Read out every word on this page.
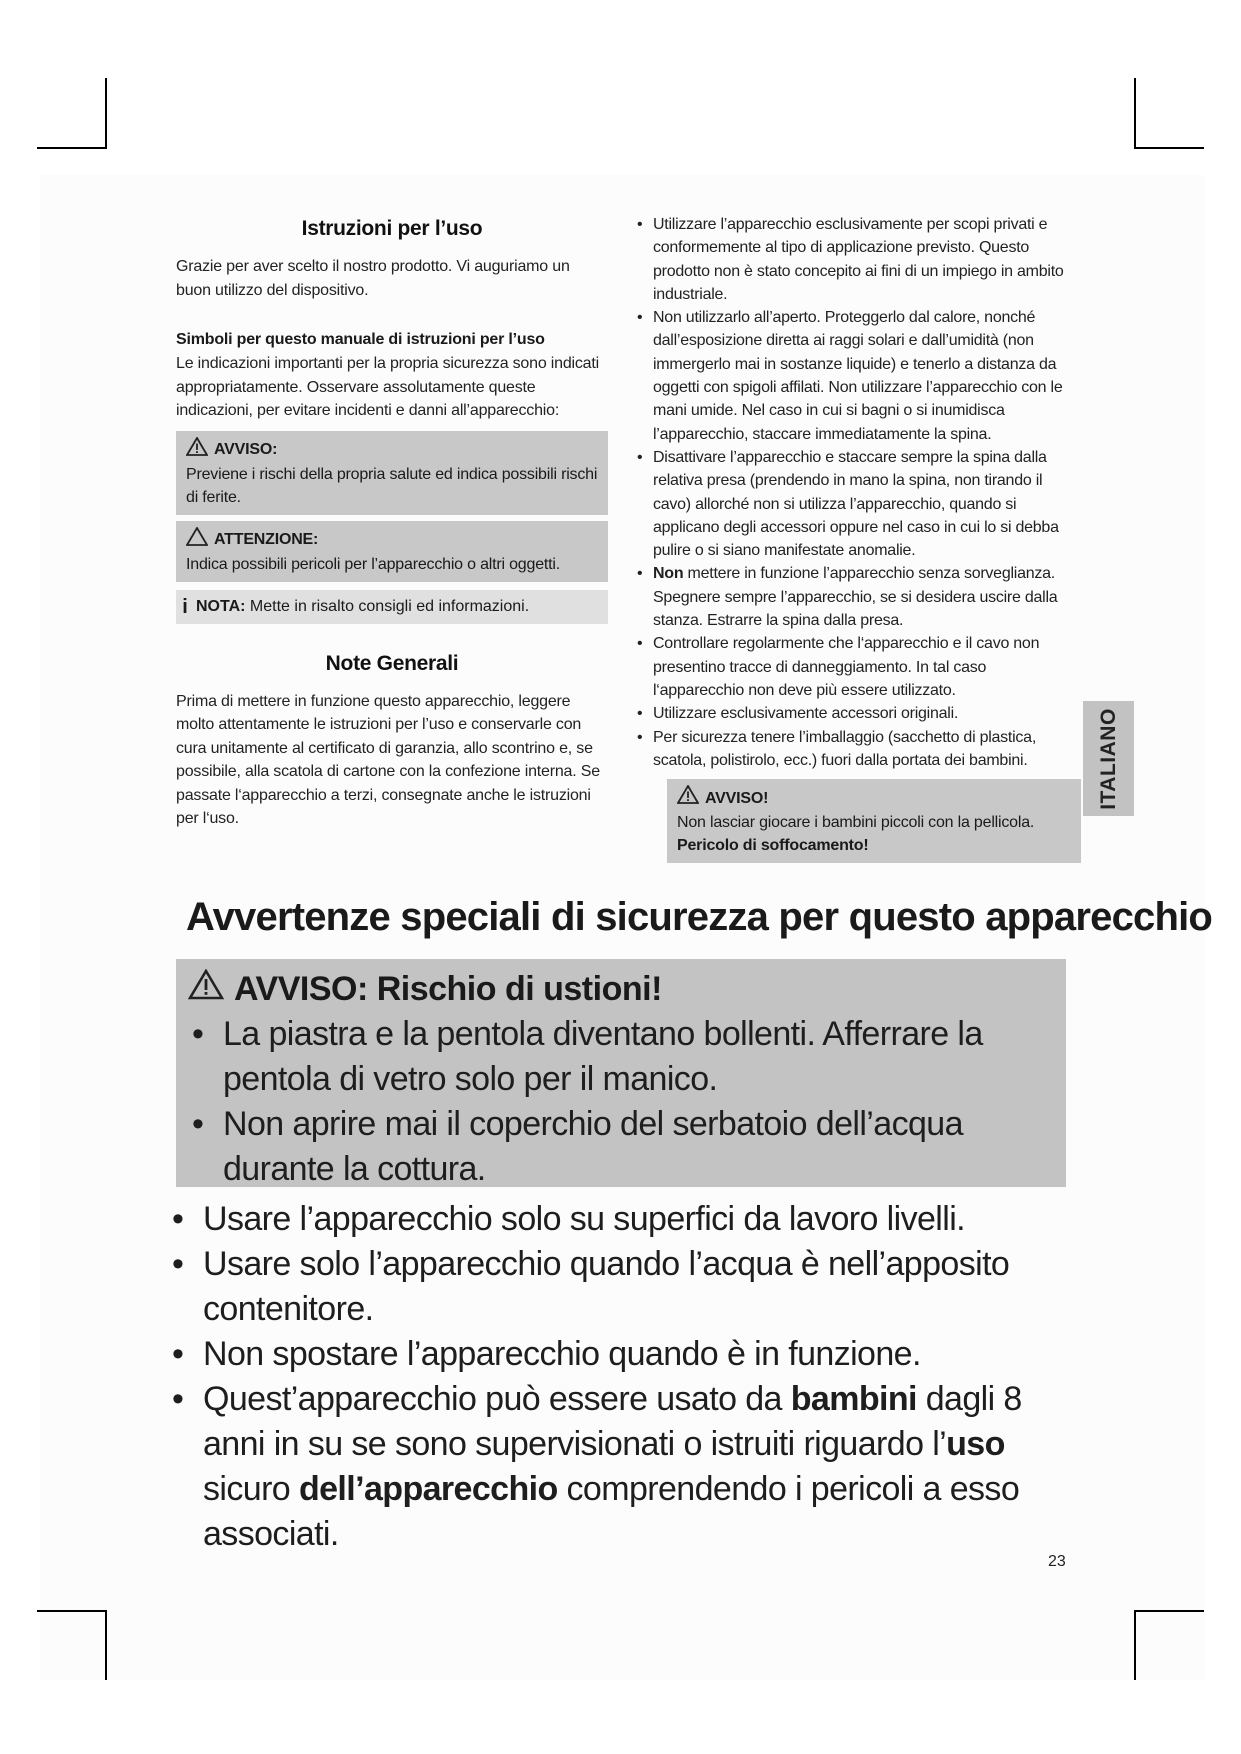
Istruzioni per l’uso

Grazie per aver scelto il nostro prodotto. Vi auguriamo un buon utilizzo del dispositivo.

Simboli per questo manuale di istruzioni per l’uso

Le indicazioni importanti per la propria sicurezza sono indicati appropriatamente. Osservare assolutamente queste indicazioni, per evitare incidenti e danni all’apparecchio:

AVVISO:
Previene i rischi della propria salute ed indica possibili rischi di ferite.
ATTENZIONE:
Indica possibili pericoli per l’apparecchio o altri oggetti.
i NOTA:
Mette in risalto consigli ed informazioni.
Note Generali

Prima di mettere in funzione questo apparecchio, leggere molto attentamente le istruzioni per l’uso e conservarle con cura unitamente al certificato di garanzia, allo scontrino e, se possibile, alla scatola di cartone con la confezione interna. Se passate l‘apparecchio a terzi, consegnate anche le istruzioni per l‘uso.

• Utilizzare l’apparecchio esclusivamente per scopi privati e conformemente al tipo di applicazione previsto. Questo prodotto non è stato concepito ai fini di un impiego in ambito industriale.
• Non utilizzarlo all’aperto. Proteggerlo dal calore, nonché dall’esposizione diretta ai raggi solari e dall’umidità (non immergerlo mai in sostanze liquide) e tenerlo a distanza da oggetti con spigoli affilati. Non utilizzare l’apparecchio con le mani umide. Nel caso in cui si bagni o si inumidisca l’apparecchio, staccare immediatamente la spina.
• Disattivare l’apparecchio e staccare sempre la spina dalla relativa presa (prendendo in mano la spina, non tirando il cavo) allorché non si utilizza l’apparecchio, quando si applicano degli accessori oppure nel caso in cui lo si debba pulire o si siano manifestate anomalie.
• Non mettere in funzione l’apparecchio senza sorveglianza. Spegnere sempre l’apparecchio, se si desidera uscire dalla stanza. Estrarre la spina dalla presa.
• Controllare regolarmente che l‘apparecchio e il cavo non presentino tracce di danneggiamento. In tal caso l‘apparecchio non deve più essere utilizzato.
• Utilizzare esclusivamente accessori originali.
• Per sicurezza tenere l’imballaggio (sacchetto di plastica, scatola, polistirolo, ecc.) fuori dalla portata dei bambini.
AVVISO!
Non lasciar giocare i bambini piccoli con la pellicola.
Pericolo di soffocamento!
ITALIANO
Avvertenze speciali di sicurezza per questo apparecchio
AVVISO: Rischio di ustioni!
• La piastra e la pentola diventano bollenti. Afferrare la pentola di vetro solo per il manico.
• Non aprire mai il coperchio del serbatoio dell’acqua durante la cottura.
• Usare l’apparecchio solo su superfici da lavoro livelli.
• Usare solo l’apparecchio quando l’acqua è nell’apposito contenitore.
• Non spostare l’apparecchio quando è in funzione.
• Quest’apparecchio può essere usato da bambini dagli 8 anni in su se sono supervisionati o istruiti riguardo l’uso sicuro dell’apparecchio comprendendo i pericoli a esso associati.
23
